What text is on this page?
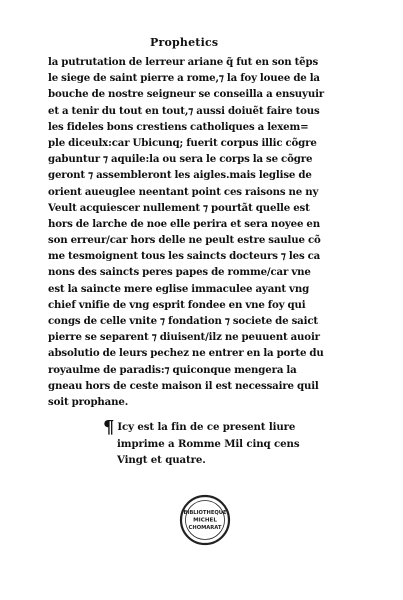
Prophetics
la putrutation de lerreur ariane q̃ fut en son tẽps
le siege de saint pierre a rome,⁊ la foy louee de la
bouche de nostre seigneur se conseilla a ensuyuir
et a tenir du tout en tout,⁊ aussi doiuẽt faire tous
les fideles bons crestiens catholiques a lexem=
ple diceulx:car Ubicunq; fuerit corpus illic cõgre
gabuntur ⁊ aquile:la ou sera le corps la se cõgre
geront ⁊ assembleront les aigles.mais leglise de
orient aueuglee neentant point ces raisons ne ny
Veult acquiescer nullement ⁊ pourtãt quelle est
hors de larche de noe elle perira et sera noyee en
son erreur/car hors delle ne peult estre saulue cõ
me tesmoignent tous les saincts docteurs ⁊ les ca
nons des saincts peres papes de romme/car vne
est la saincte mere eglise immaculee ayant vng
chief vnifie de vng esprit fondee en vne foy qui
congs de celle vnite ⁊ fondation ⁊ societe de saict
pierre se separent ⁊ diuisent/ilz ne peuuent auoir
absolutio de leurs pechez ne entrer en la porte du
royaulme de paradis:⁊ quiconque mengera la
gneau hors de ceste maison il est necessaire quil
soit prophane.
¶ Icy est la fin de ce present liure
imprime a Romme Mil cinq cens
Vingt et quatre.
BIBLIOTHEQUE
MICHEL
CHOMARAT
